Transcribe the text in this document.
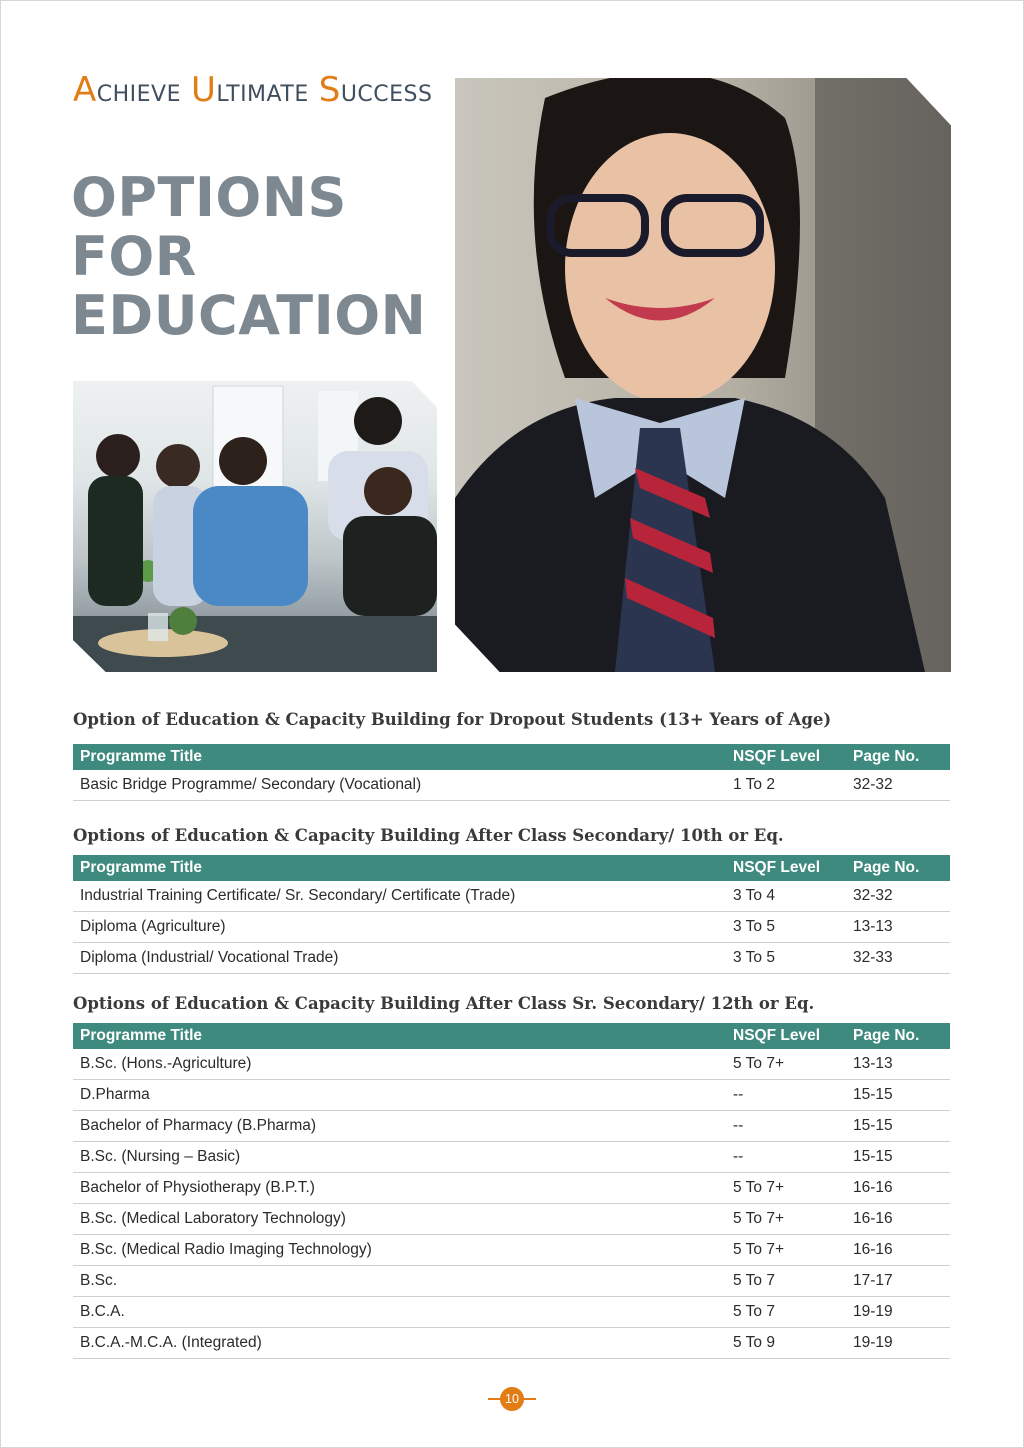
ACHIEVE ULTIMATE SUCCESS
OPTIONS
FOR
EDUCATION
Option of Education & Capacity Building for Dropout Students (13+ Years of Age)
Programme Title	NSQF Level	Page No.
Basic Bridge Programme/ Secondary (Vocational)	1 To 2	32-32
Options of Education & Capacity Building After Class Secondary/ 10th or Eq.
Programme Title	NSQF Level	Page No.
Industrial Training Certificate/ Sr. Secondary/ Certificate (Trade)	3 To 4	32-32
Diploma (Agriculture)	3 To 5	13-13
Diploma (Industrial/ Vocational Trade)	3 To 5	32-33
Options of Education & Capacity Building After Class Sr. Secondary/ 12th or Eq.
Programme Title	NSQF Level	Page No.
B.Sc. (Hons.-Agriculture)	5 To 7+	13-13
D.Pharma	--	15-15
Bachelor of Pharmacy (B.Pharma)	--	15-15
B.Sc. (Nursing – Basic)	--	15-15
Bachelor of Physiotherapy (B.P.T.)	5 To 7+	16-16
B.Sc. (Medical Laboratory Technology)	5 To 7+	16-16
B.Sc. (Medical Radio Imaging Technology)	5 To 7+	16-16
B.Sc.	5 To 7	17-17
B.C.A.	5 To 7	19-19
B.C.A.-M.C.A. (Integrated)	5 To 9	19-19
10
